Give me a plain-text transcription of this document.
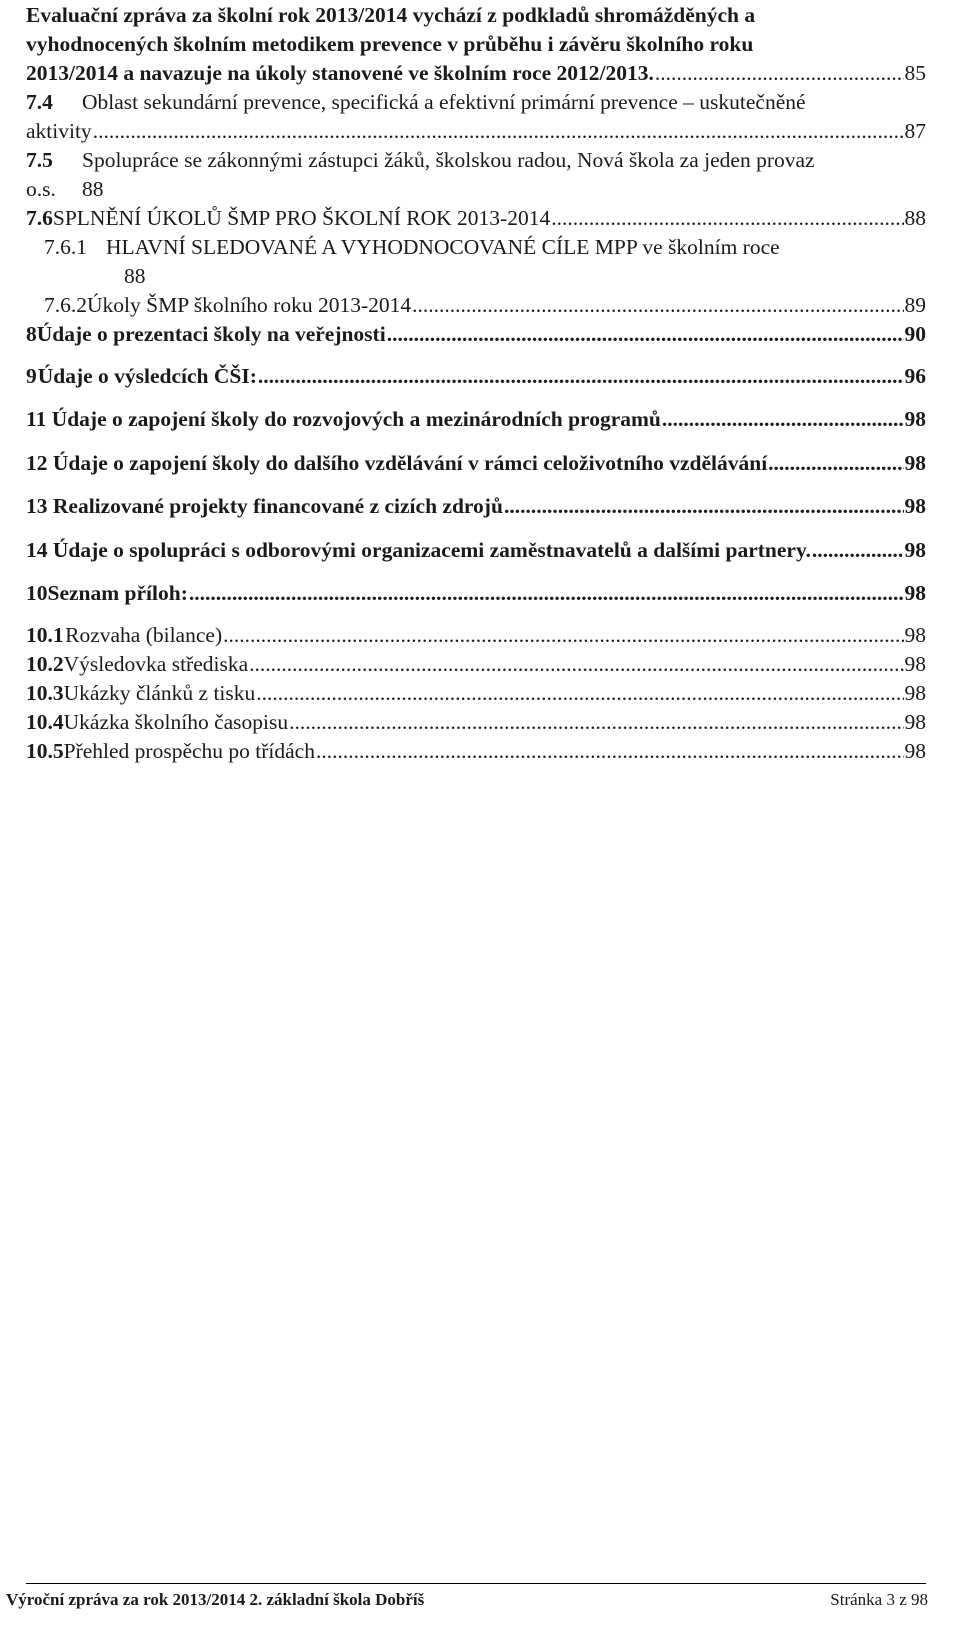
Evaluační zpráva za školní rok 2013/2014 vychází z podkladů shromážděných a
vyhodnocených školním metodikem prevence v průběhu i závěru školního roku
2013/2014 a navazuje na úkoly stanovené ve školním roce 2012/2013. .....	85
7.4	Oblast sekundární prevence, specifická a efektivní primární prevence – uskutečněné
aktivity .....	87
7.5	Spolupráce se zákonnými zástupci žáků, školskou radou, Nová škola za jeden provaz
o.s.	88
7.6 SPLNĚNÍ ÚKOLŮ ŠMP PRO ŠKOLNÍ ROK 2013-2014 .....	88
7.6.1 HLAVNÍ SLEDOVANÉ A VYHODNOCOVANÉ CÍLE MPP ve školním roce
88
7.6.2 Úkoly ŠMP školního roku 2013-2014 .....	89
8 Údaje o prezentaci školy na veřejnosti .....	90
9 Údaje o výsledcích ČŠI: .....	96
11 Údaje o zapojení školy do rozvojových a mezinárodních programů .....	98
12 Údaje o zapojení školy do dalšího vzdělávání v rámci celoživotního vzdělávání .....	98
13 Realizované projekty financované z cizích zdrojů .....	98
14 Údaje o spolupráci s odborovými organizacemi zaměstnavatelů a dalšími partnery. .....	98
10 Seznam příloh: .....	98
10.1 Rozvaha (bilance) .....	98
10.2 Výsledovka střediska .....	98
10.3 Ukázky článků z tisku .....	98
10.4 Ukázka školního časopisu .....	98
10.5 Přehled prospěchu po třídách .....	98
Výroční zpráva za rok 2013/2014 2. základní škola Dobříš	Stránka 3 z 98
